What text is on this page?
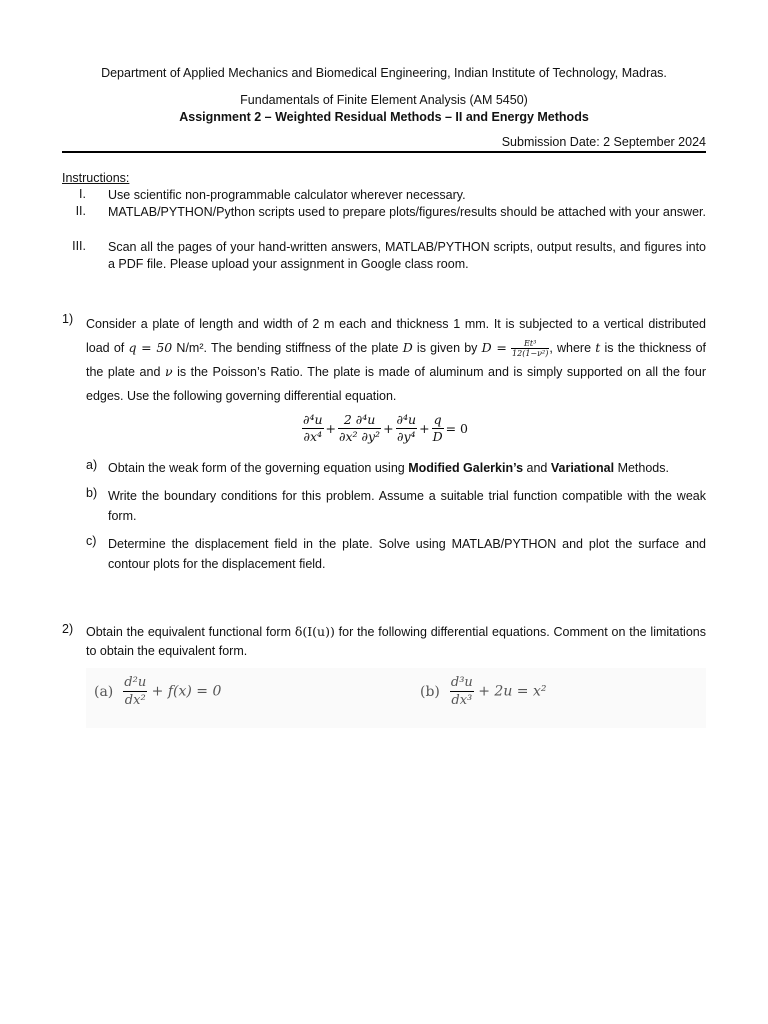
Department of Applied Mechanics and Biomedical Engineering, Indian Institute of Technology, Madras.
Fundamentals of Finite Element Analysis (AM 5450)
Assignment 2 – Weighted Residual Methods – II and Energy Methods
Submission Date: 2 September 2024
Instructions:
I. Use scientific non-programmable calculator wherever necessary.
II. MATLAB/PYTHON/Python scripts used to prepare plots/figures/results should be attached with your answer.
III. Scan all the pages of your hand-written answers, MATLAB/PYTHON scripts, output results, and figures into a PDF file. Please upload your assignment in Google class room.
1) Consider a plate of length and width of 2 m each and thickness 1 mm. It is subjected to a vertical distributed load of q = 50 N/m². The bending stiffness of the plate D is given by $D = \frac{\text{Et³}}{\text{12(1−ν²)}}$ , where t is the thickness of the plate and ν is the Poisson’s Ratio. The plate is made of aluminum and is simply supported on all the four edges. Use the following governing differential equation.
$\frac{\text{∂⁴u}}{\text{∂x⁴}} + \frac{\text{2 ∂⁴u}}{\text{∂x² ∂y²}} + \frac{\text{∂⁴u}}{\text{∂y⁴}} + \frac{q}{D} = 0$
a) Obtain the weak form of the governing equation using Modified Galerkin’s and Variational Methods.
b) Write the boundary conditions for this problem. Assume a suitable trial function compatible with the weak form.
c) Determine the displacement field in the plate. Solve using MATLAB/PYTHON and plot the surface and contour plots for the displacement field.
2) Obtain the equivalent functional form δ(I(u)) for the following differential equations. Comment on the limitations to obtain the equivalent form.
$(a) \frac{\text{d²u}}{\text{dx²}} + f(x) = 0$	$(b) \frac{\text{d³u}}{\text{dx³}} + 2u = x^2$
